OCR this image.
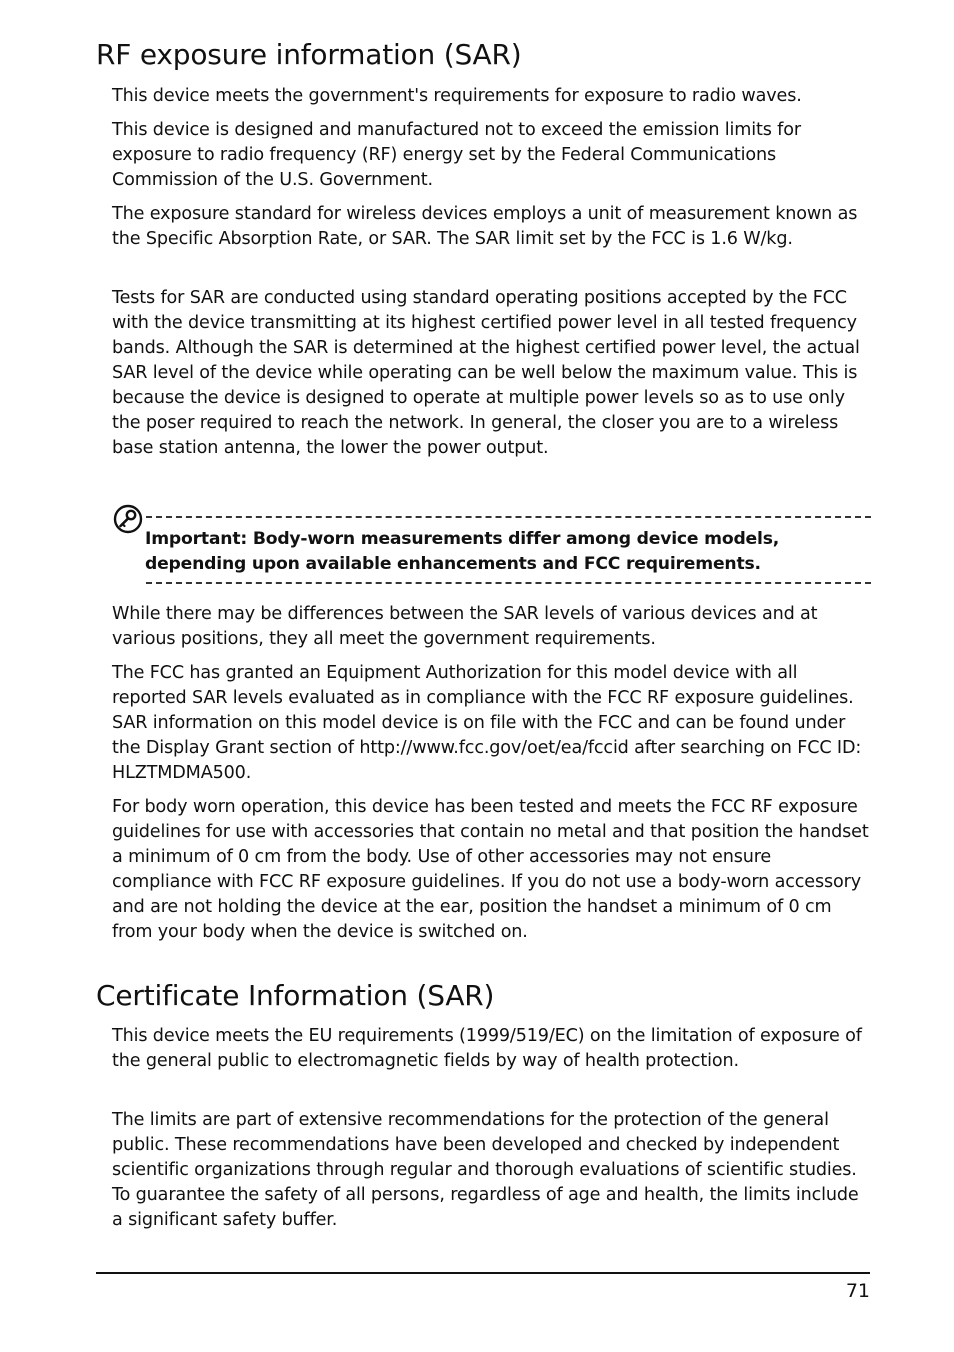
RF exposure information (SAR)

This device meets the government's requirements for exposure to radio waves.

This device is designed and manufactured not to exceed the emission limits for exposure to radio frequency (RF) energy set by the Federal Communications Commission of the U.S. Government.

The exposure standard for wireless devices employs a unit of measurement known as the Specific Absorption Rate, or SAR. The SAR limit set by the FCC is 1.6 W/kg.

Tests for SAR are conducted using standard operating positions accepted by the FCC with the device transmitting at its highest certified power level in all tested frequency bands. Although the SAR is determined at the highest certified power level, the actual SAR level of the device while operating can be well below the maximum value. This is because the device is designed to operate at multiple power levels so as to use only the poser required to reach the network. In general, the closer you are to a wireless base station antenna, the lower the power output.

Important: Body-worn measurements differ among device models, depending upon available enhancements and FCC requirements.

While there may be differences between the SAR levels of various devices and at various positions, they all meet the government requirements.

The FCC has granted an Equipment Authorization for this model device with all reported SAR levels evaluated as in compliance with the FCC RF exposure guidelines. SAR information on this model device is on file with the FCC and can be found under the Display Grant section of http://www.fcc.gov/oet/ea/fccid after searching on FCC ID: HLZTMDMA500.

For body worn operation, this device has been tested and meets the FCC RF exposure guidelines for use with accessories that contain no metal and that position the handset a minimum of 0 cm from the body. Use of other accessories may not ensure compliance with FCC RF exposure guidelines. If you do not use a body-worn accessory and are not holding the device at the ear, position the handset a minimum of 0 cm from your body when the device is switched on.

Certificate Information (SAR)

This device meets the EU requirements (1999/519/EC) on the limitation of exposure of the general public to electromagnetic fields by way of health protection.

The limits are part of extensive recommendations for the protection of the general public. These recommendations have been developed and checked by independent scientific organizations through regular and thorough evaluations of scientific studies. To guarantee the safety of all persons, regardless of age and health, the limits include a significant safety buffer.

71
